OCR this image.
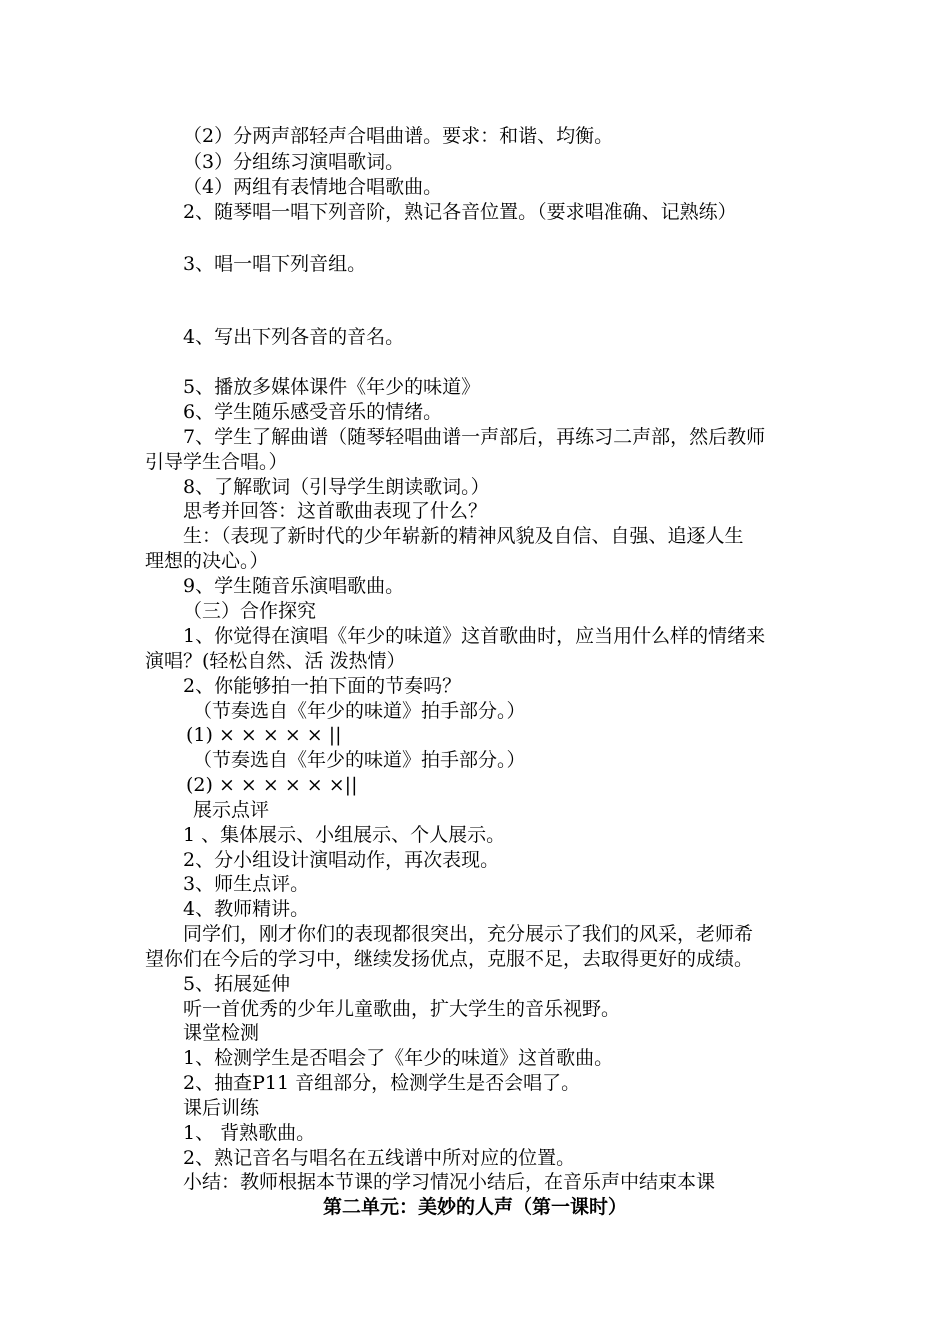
（2）分两声部轻声合唱曲谱。要求：和谐、均衡。
（3）分组练习演唱歌词。
（4）两组有表情地合唱歌曲。
2、随琴唱一唱下列音阶，熟记各音位置。（要求唱准确、记熟练）
3、唱一唱下列音组。
4、写出下列各音的音名。
5、播放多媒体课件《年少的味道》
6、学生随乐感受音乐的情绪。
7、学生了解曲谱（随琴轻唱曲谱一声部后，再练习二声部，然后教师
引导学生合唱。）
8、了解歌词（引导学生朗读歌词。）
思考并回答：这首歌曲表现了什么？
生：（表现了新时代的少年崭新的精神风貌及自信、自强、追逐人生
理想的决心。）
9、学生随音乐演唱歌曲。
（三）合作探究
1、你觉得在演唱《年少的味道》这首歌曲时，应当用什么样的情绪来
演唱？(轻松自然、活 泼热情）
2、你能够拍一拍下面的节奏吗？
（节奏选自《年少的味道》拍手部分。）
(1) × × × × × ||
（节奏选自《年少的味道》拍手部分。）
(2) × × × × × ×||
展示点评
1 、集体展示、小组展示、个人展示。
2、分小组设计演唱动作，再次表现。
3、师生点评。
4、教师精讲。
同学们，刚才你们的表现都很突出，充分展示了我们的风采，老师希
望你们在今后的学习中，继续发扬优点，克服不足，去取得更好的成绩。
5、拓展延伸
听一首优秀的少年儿童歌曲，扩大学生的音乐视野。
课堂检测
1、检测学生是否唱会了《年少的味道》这首歌曲。
2、抽查P11 音组部分，检测学生是否会唱了。
课后训练
1、 背熟歌曲。
2、熟记音名与唱名在五线谱中所对应的位置。
小结：教师根据本节课的学习情况小结后，在音乐声中结束本课
第二单元：美妙的人声（第一课时）
